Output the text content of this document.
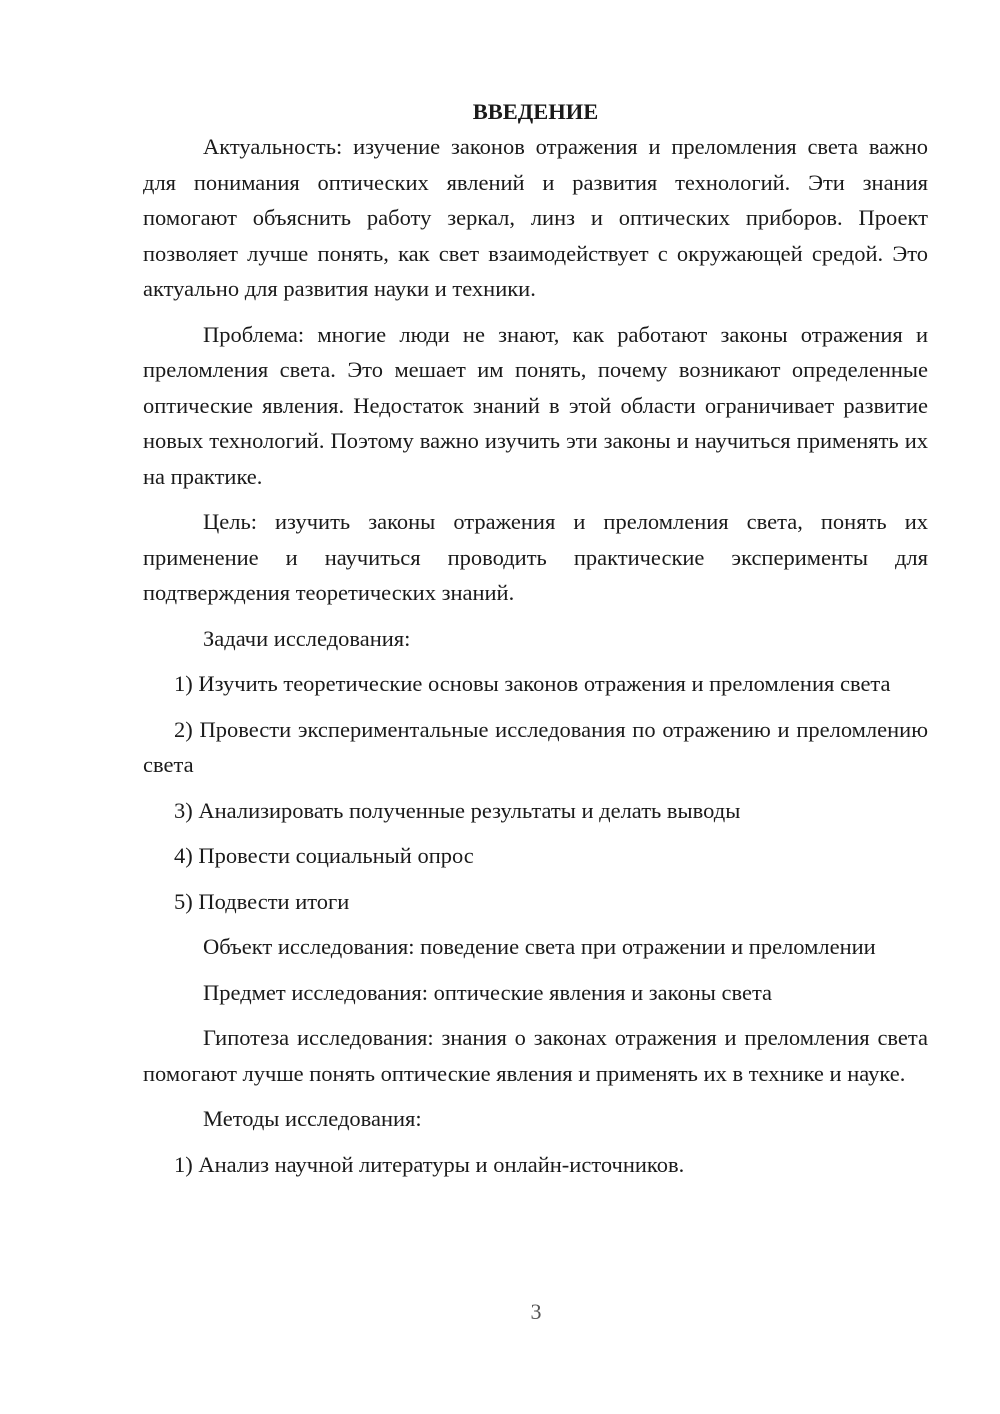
ВВЕДЕНИЕ

Актуальность: изучение законов отражения и преломления света важно для понимания оптических явлений и развития технологий. Эти знания помогают объяснить работу зеркал, линз и оптических приборов. Проект позволяет лучше понять, как свет взаимодействует с окружающей средой. Это актуально для развития науки и техники.

Проблема: многие люди не знают, как работают законы отражения и преломления света. Это мешает им понять, почему возникают определенные оптические явления. Недостаток знаний в этой области ограничивает развитие новых технологий. Поэтому важно изучить эти законы и научиться применять их на практике.

Цель: изучить законы отражения и преломления света, понять их применение и научиться проводить практические эксперименты для подтверждения теоретических знаний.

Задачи исследования:

1) Изучить теоретические основы законов отражения и преломления света

2) Провести экспериментальные исследования по отражению и преломлению света

3) Анализировать полученные результаты и делать выводы

4) Провести социальный опрос

5) Подвести итоги

Объект исследования: поведение света при отражении и преломлении

Предмет исследования: оптические явления и законы света

Гипотеза исследования: знания о законах отражения и преломления света помогают лучше понять оптические явления и применять их в технике и науке.

Методы исследования:

1) Анализ научной литературы и онлайн-источников.

3
